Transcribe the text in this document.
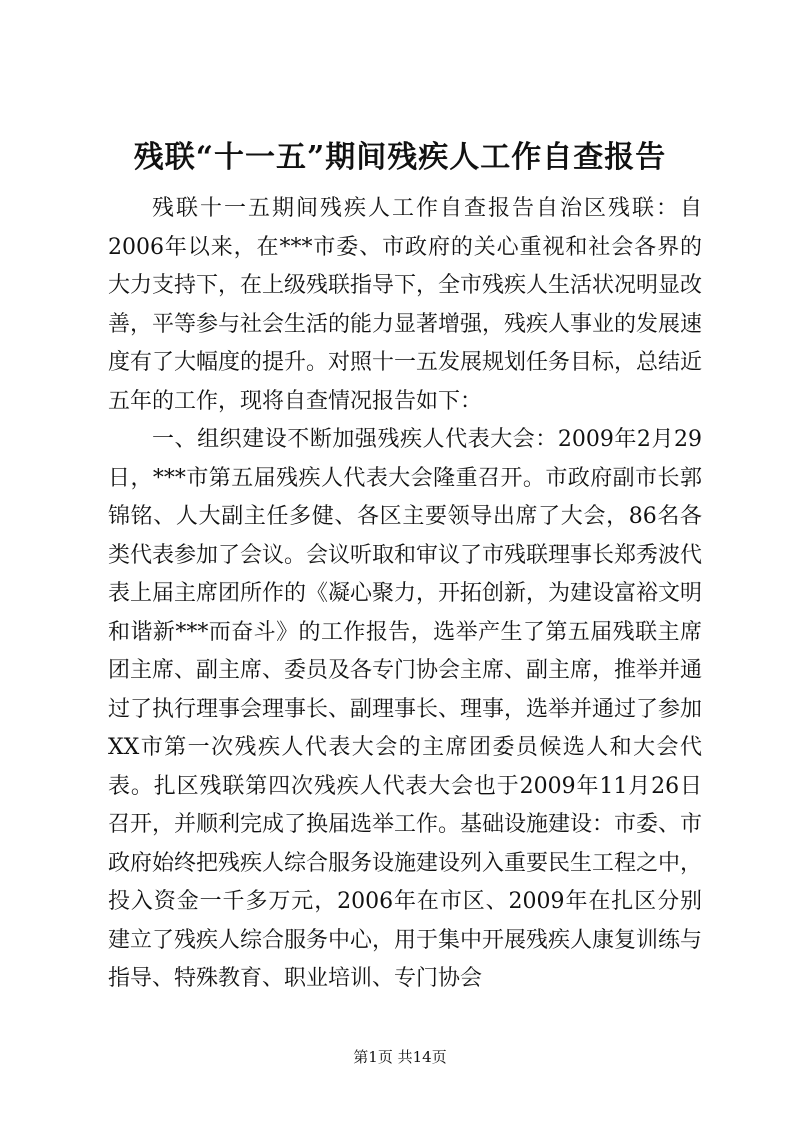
残联“十一五”期间残疾人工作自查报告

残联十一五期间残疾人工作自查报告自治区残联：自2006年以来，在***市委、市政府的关心重视和社会各界的大力支持下，在上级残联指导下，全市残疾人生活状况明显改善，平等参与社会生活的能力显著增强，残疾人事业的发展速度有了大幅度的提升。对照十一五发展规划任务目标，总结近五年的工作，现将自查情况报告如下：

一、组织建设不断加强残疾人代表大会：2009年2月29日，***市第五届残疾人代表大会隆重召开。市政府副市长郭锦铭、人大副主任多健、各区主要领导出席了大会，86名各类代表参加了会议。会议听取和审议了市残联理事长郑秀波代表上届主席团所作的《凝心聚力，开拓创新，为建设富裕文明和谐新***而奋斗》的工作报告，选举产生了第五届残联主席团主席、副主席、委员及各专门协会主席、副主席，推举并通过了执行理事会理事长、副理事长、理事，选举并通过了参加XX市第一次残疾人代表大会的主席团委员候选人和大会代表。扎区残联第四次残疾人代表大会也于2009年11月26日召开，并顺利完成了换届选举工作。基础设施建设：市委、市政府始终把残疾人综合服务设施建设列入重要民生工程之中，投入资金一千多万元，2006年在市区、2009年在扎区分别建立了残疾人综合服务中心，用于集中开展残疾人康复训练与指导、特殊教育、职业培训、专门协会

第1页 共14页
